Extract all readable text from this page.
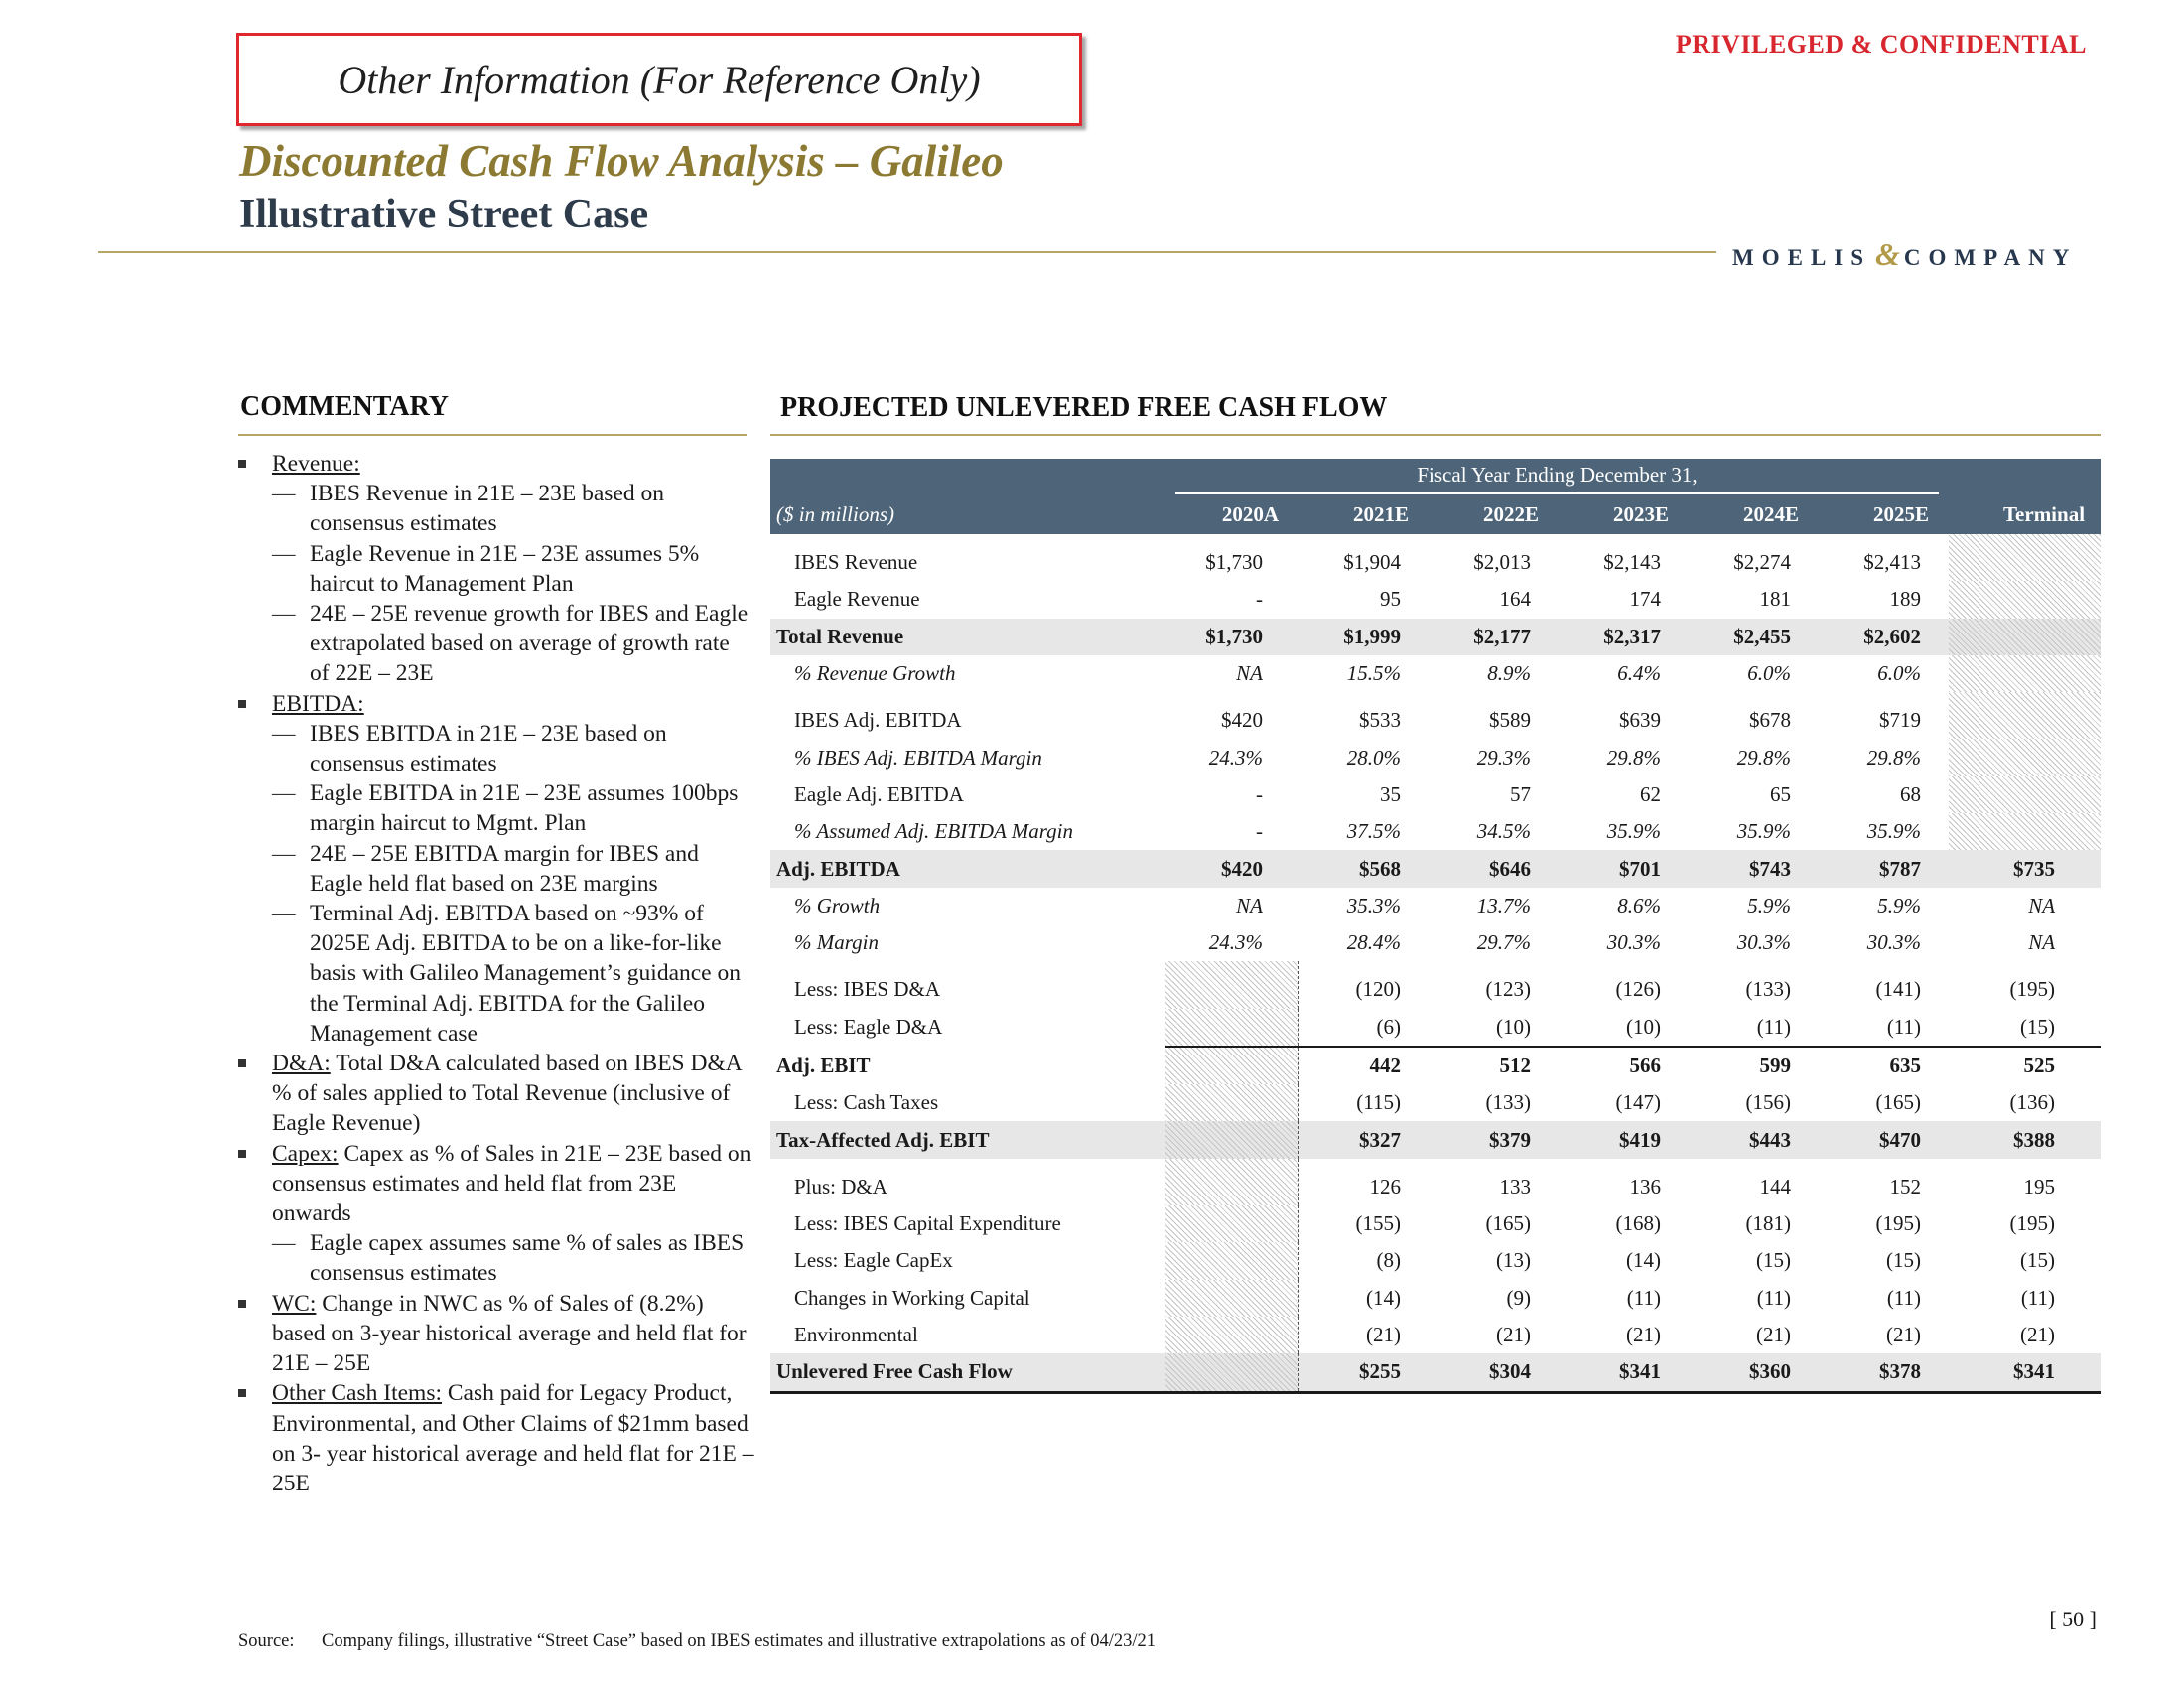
Other Information (For Reference Only)
PRIVILEGED & CONFIDENTIAL
Discounted Cash Flow Analysis – Galileo
Illustrative Street Case
MOELIS & COMPANY
COMMENTARY
Revenue:
— IBES Revenue in 21E – 23E based on consensus estimates
— Eagle Revenue in 21E – 23E assumes 5% haircut to Management Plan
— 24E – 25E revenue growth for IBES and Eagle extrapolated based on average of growth rate of 22E – 23E
EBITDA:
— IBES EBITDA in 21E – 23E based on consensus estimates
— Eagle EBITDA in 21E – 23E assumes 100bps margin haircut to Mgmt. Plan
— 24E – 25E EBITDA margin for IBES and Eagle held flat based on 23E margins
— Terminal Adj. EBITDA based on ~93% of 2025E Adj. EBITDA to be on a like-for-like basis with Galileo Management’s guidance on the Terminal Adj. EBITDA for the Galileo Management case
D&A: Total D&A calculated based on IBES D&A % of sales applied to Total Revenue (inclusive of Eagle Revenue)
Capex: Capex as % of Sales in 21E – 23E based on consensus estimates and held flat from 23E onwards
— Eagle capex assumes same % of sales as IBES consensus estimates
WC: Change in NWC as % of Sales of (8.2%) based on 3-year historical average and held flat for 21E – 25E
Other Cash Items: Cash paid for Legacy Product, Environmental, and Other Claims of $21mm based on 3- year historical average and held flat for 21E – 25E
PROJECTED UNLEVERED FREE CASH FLOW

	Fiscal Year Ending December 31,						

($ in millions)	2020A	2021E	2022E	2023E	2024E	2025E	Terminal
IBES Revenue	$1,730	$1,904	$2,013	$2,143	$2,274	$2,413	
Eagle Revenue	-	95	164	174	181	189	
Total Revenue	$1,730	$1,999	$2,177	$2,317	$2,455	$2,602	
% Revenue Growth	NA	15.5%	8.9%	6.4%	6.0%	6.0%	
IBES Adj. EBITDA	$420	$533	$589	$639	$678	$719	
% IBES Adj. EBITDA Margin	24.3%	28.0%	29.3%	29.8%	29.8%	29.8%	
Eagle Adj. EBITDA	-	35	57	62	65	68	
% Assumed Adj. EBITDA Margin	-	37.5%	34.5%	35.9%	35.9%	35.9%	
Adj. EBITDA	$420	$568	$646	$701	$743	$787	$735
% Growth	NA	35.3%	13.7%	8.6%	5.9%	5.9%	NA
% Margin	24.3%	28.4%	29.7%	30.3%	30.3%	30.3%	NA
Less: IBES D&A		(120)	(123)	(126)	(133)	(141)	(195)
Less: Eagle D&A		(6)	(10)	(10)	(11)	(11)	(15)
Adj. EBIT		442	512	566	599	635	525
Less: Cash Taxes		(115)	(133)	(147)	(156)	(165)	(136)
Tax-Affected Adj. EBIT		$327	$379	$419	$443	$470	$388
Plus: D&A		126	133	136	144	152	195
Less: IBES Capital Expenditure		(155)	(165)	(168)	(181)	(195)	(195)
Less: Eagle CapEx		(8)	(13)	(14)	(15)	(15)	(15)
Changes in Working Capital		(14)	(9)	(11)	(11)	(11)	(11)
Environmental		(21)	(21)	(21)	(21)	(21)	(21)
Unlevered Free Cash Flow		$255	$304	$341	$360	$378	$341
Source: Company filings, illustrative “Street Case” based on IBES estimates and illustrative extrapolations as of 04/23/21
[ 50 ]
